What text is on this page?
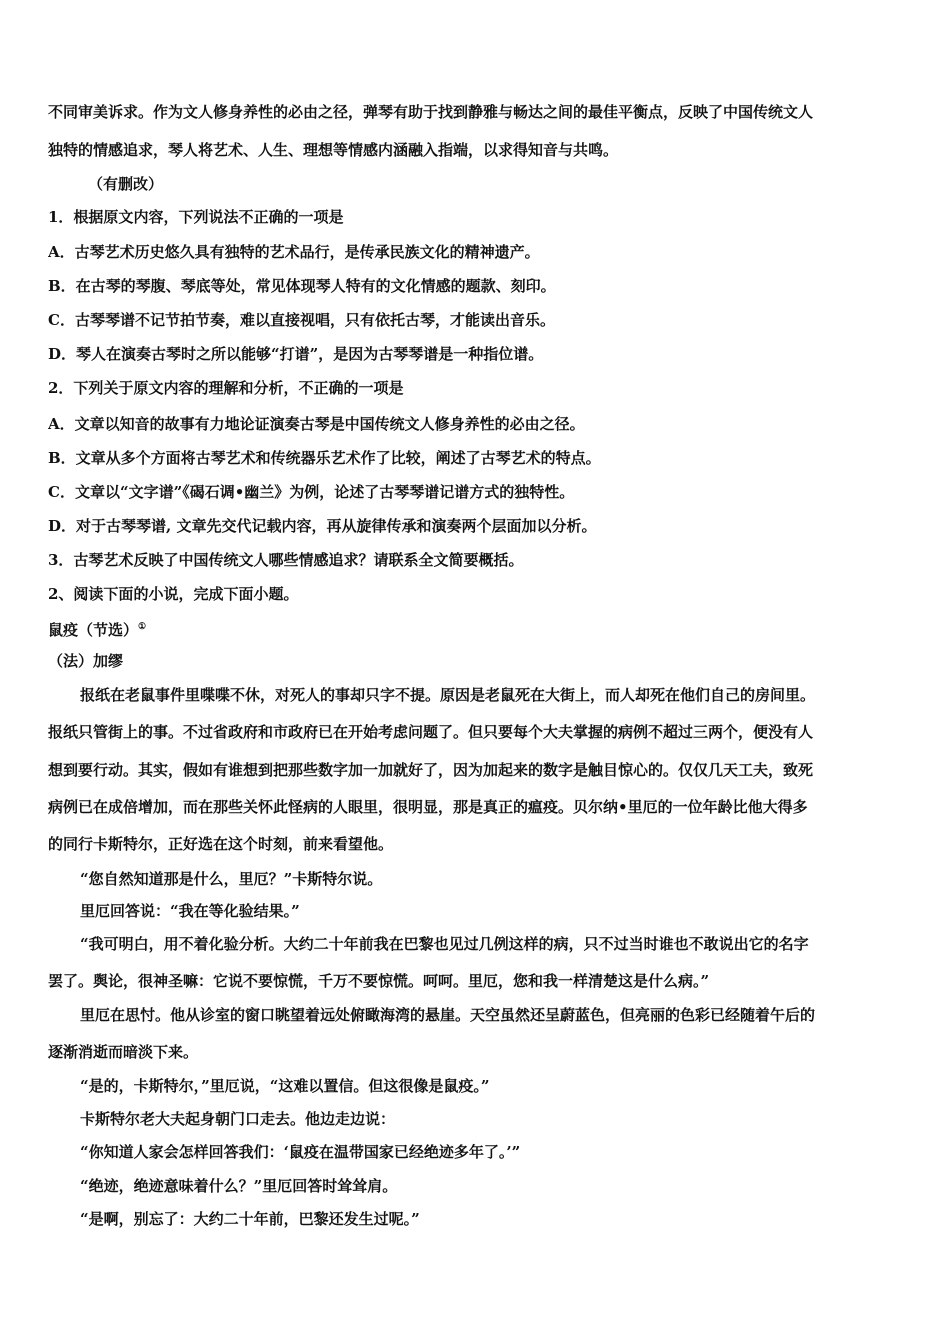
不同审美诉求。作为文人修身养性的必由之径，弹琴有助于找到静雅与畅达之间的最佳平衡点，反映了中国传统文人
独特的情感追求，琴人将艺术、人生、理想等情感内涵融入指端，以求得知音与共鸣。
（有删改）
1．根据原文内容，下列说法不正确的一项是
A．古琴艺术历史悠久具有独特的艺术品行，是传承民族文化的精神遗产。
B．在古琴的琴腹、琴底等处，常见体现琴人特有的文化情感的题款、刻印。
C．古琴琴谱不记节拍节奏，难以直接视唱，只有依托古琴，才能读出音乐。
D．琴人在演奏古琴时之所以能够“打谱”，是因为古琴琴谱是一种指位谱。
2．下列关于原文内容的理解和分析，不正确的一项是
A．文章以知音的故事有力地论证演奏古琴是中国传统文人修身养性的必由之径。
B．文章从多个方面将古琴艺术和传统器乐艺术作了比较，阐述了古琴艺术的特点。
C．文章以“文字谱”《碣石调•幽兰》为例，论述了古琴琴谱记谱方式的独特性。
D．对于古琴琴谱, 文章先交代记载内容，再从旋律传承和演奏两个层面加以分析。
3．古琴艺术反映了中国传统文人哪些情感追求？请联系全文简要概括。
2、阅读下面的小说，完成下面小题。
鼠疫（节选）①
（法）加缪
报纸在老鼠事件里喋喋不休，对死人的事却只字不提。原因是老鼠死在大街上，而人却死在他们自己的房间里。
报纸只管街上的事。不过省政府和市政府已在开始考虑问题了。但只要每个大夫掌握的病例不超过三两个，便没有人
想到要行动。其实，假如有谁想到把那些数字加一加就好了，因为加起来的数字是触目惊心的。仅仅几天工夫，致死
病例已在成倍增加，而在那些关怀此怪病的人眼里，很明显，那是真正的瘟疫。贝尔纳•里厄的一位年龄比他大得多
的同行卡斯特尔，正好选在这个时刻，前来看望他。
“您自然知道那是什么，里厄？”卡斯特尔说。
里厄回答说：“我在等化验结果。”
“我可明白，用不着化验分析。大约二十年前我在巴黎也见过几例这样的病，只不过当时谁也不敢说出它的名字
罢了。舆论，很神圣嘛：它说不要惊慌，千万不要惊慌。呵呵。里厄，您和我一样清楚这是什么病。”
里厄在思忖。他从诊室的窗口眺望着远处俯瞰海湾的悬崖。天空虽然还呈蔚蓝色，但亮丽的色彩已经随着午后的
逐渐消逝而暗淡下来。
“是的，卡斯特尔，”里厄说，“这难以置信。但这很像是鼠疫。”
卡斯特尔老大夫起身朝门口走去。他边走边说：
“你知道人家会怎样回答我们：‘鼠疫在温带国家已经绝迹多年了。’”
“绝迹，绝迹意味着什么？”里厄回答时耸耸肩。
“是啊，别忘了：大约二十年前，巴黎还发生过呢。”
